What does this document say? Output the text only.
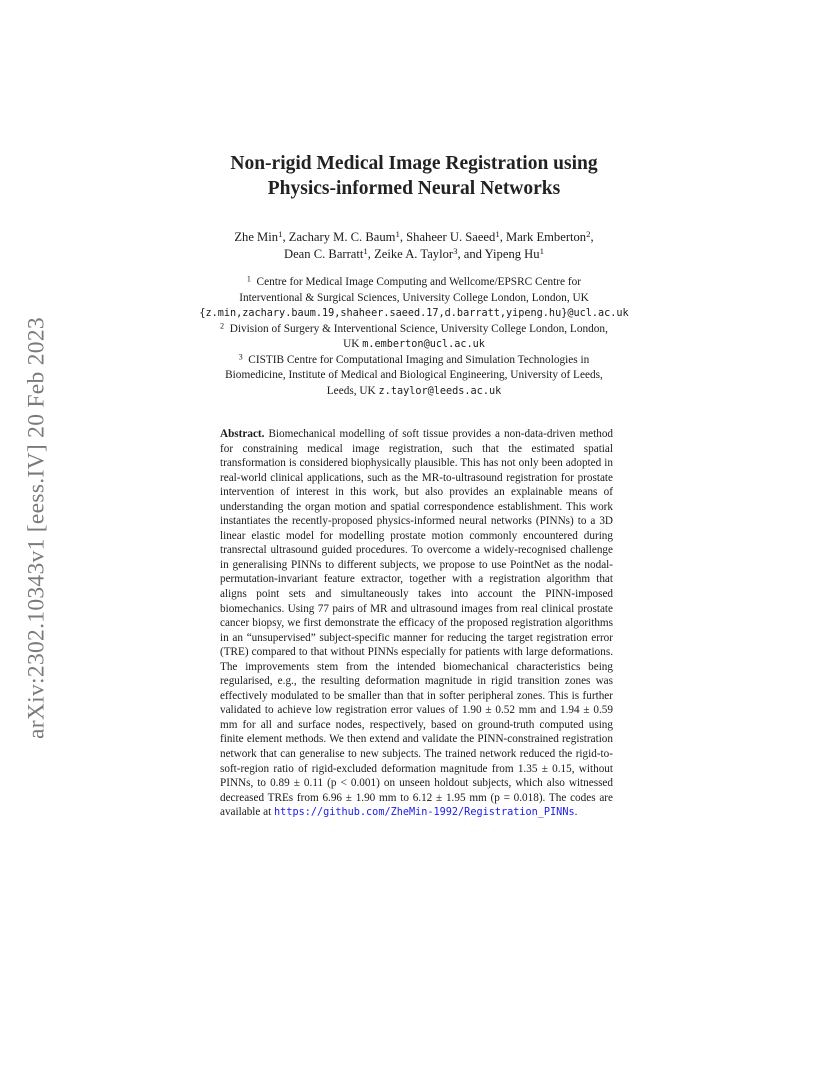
arXiv:2302.10343v1 [eess.IV] 20 Feb 2023
Non-rigid Medical Image Registration using
Physics-informed Neural Networks
Zhe Min$^1$, Zachary M. C. Baum$^1$, Shaheer U. Saeed$^1$, Mark Emberton$^2$,
Dean C. Barratt$^1$, Zeike A. Taylor$^3$, and Yipeng Hu$^1$
$^1$ Centre for Medical Image Computing and Wellcome/EPSRC Centre for
Interventional & Surgical Sciences, University College London, London, UK
{z.min,zachary.baum.19,shaheer.saeed.17,d.barratt,yipeng.hu}@ucl.ac.uk
$^2$ Division of Surgery & Interventional Science, University College London, London,
UK m.emberton@ucl.ac.uk
$^3$ CISTIB Centre for Computational Imaging and Simulation Technologies in
Biomedicine, Institute of Medical and Biological Engineering, University of Leeds,
Leeds, UK z.taylor@leeds.ac.uk
Abstract. Biomechanical modelling of soft tissue provides a non-data-driven method for constraining medical image registration, such that the estimated spatial transformation is considered biophysically plausible. This has not only been adopted in real-world clinical applications, such as the MR-to-ultrasound registration for prostate intervention of interest in this work, but also provides an explainable means of understanding the organ motion and spatial correspondence establishment. This work instantiates the recently-proposed physics-informed neural networks (PINNs) to a 3D linear elastic model for modelling prostate motion commonly encountered during transrectal ultrasound guided procedures. To overcome a widely-recognised challenge in generalising PINNs to different subjects, we propose to use PointNet as the nodal-permutation-invariant feature extractor, together with a registration algorithm that aligns point sets and simultaneously takes into account the PINN-imposed biomechanics. Using 77 pairs of MR and ultrasound images from real clinical prostate cancer biopsy, we first demonstrate the efficacy of the proposed registration algorithms in an “unsupervised” subject-specific manner for reducing the target registration error (TRE) compared to that without PINNs especially for patients with large deformations. The improvements stem from the intended biomechanical characteristics being regularised, e.g., the resulting deformation magnitude in rigid transition zones was effectively modulated to be smaller than that in softer peripheral zones. This is further validated to achieve low registration error values of 1.90 ± 0.52 mm and 1.94 ± 0.59 mm for all and surface nodes, respectively, based on ground-truth computed using finite element methods. We then extend and validate the PINN-constrained registration network that can generalise to new subjects. The trained network reduced the rigid-to-soft-region ratio of rigid-excluded deformation magnitude from 1.35 ± 0.15, without PINNs, to 0.89 ± 0.11 (p < 0.001) on unseen holdout subjects, which also witnessed decreased TREs from 6.96 ± 1.90 mm to 6.12 ± 1.95 mm (p = 0.018). The codes are available at https://github.com/ZheMin-1992/Registration_PINNs.
